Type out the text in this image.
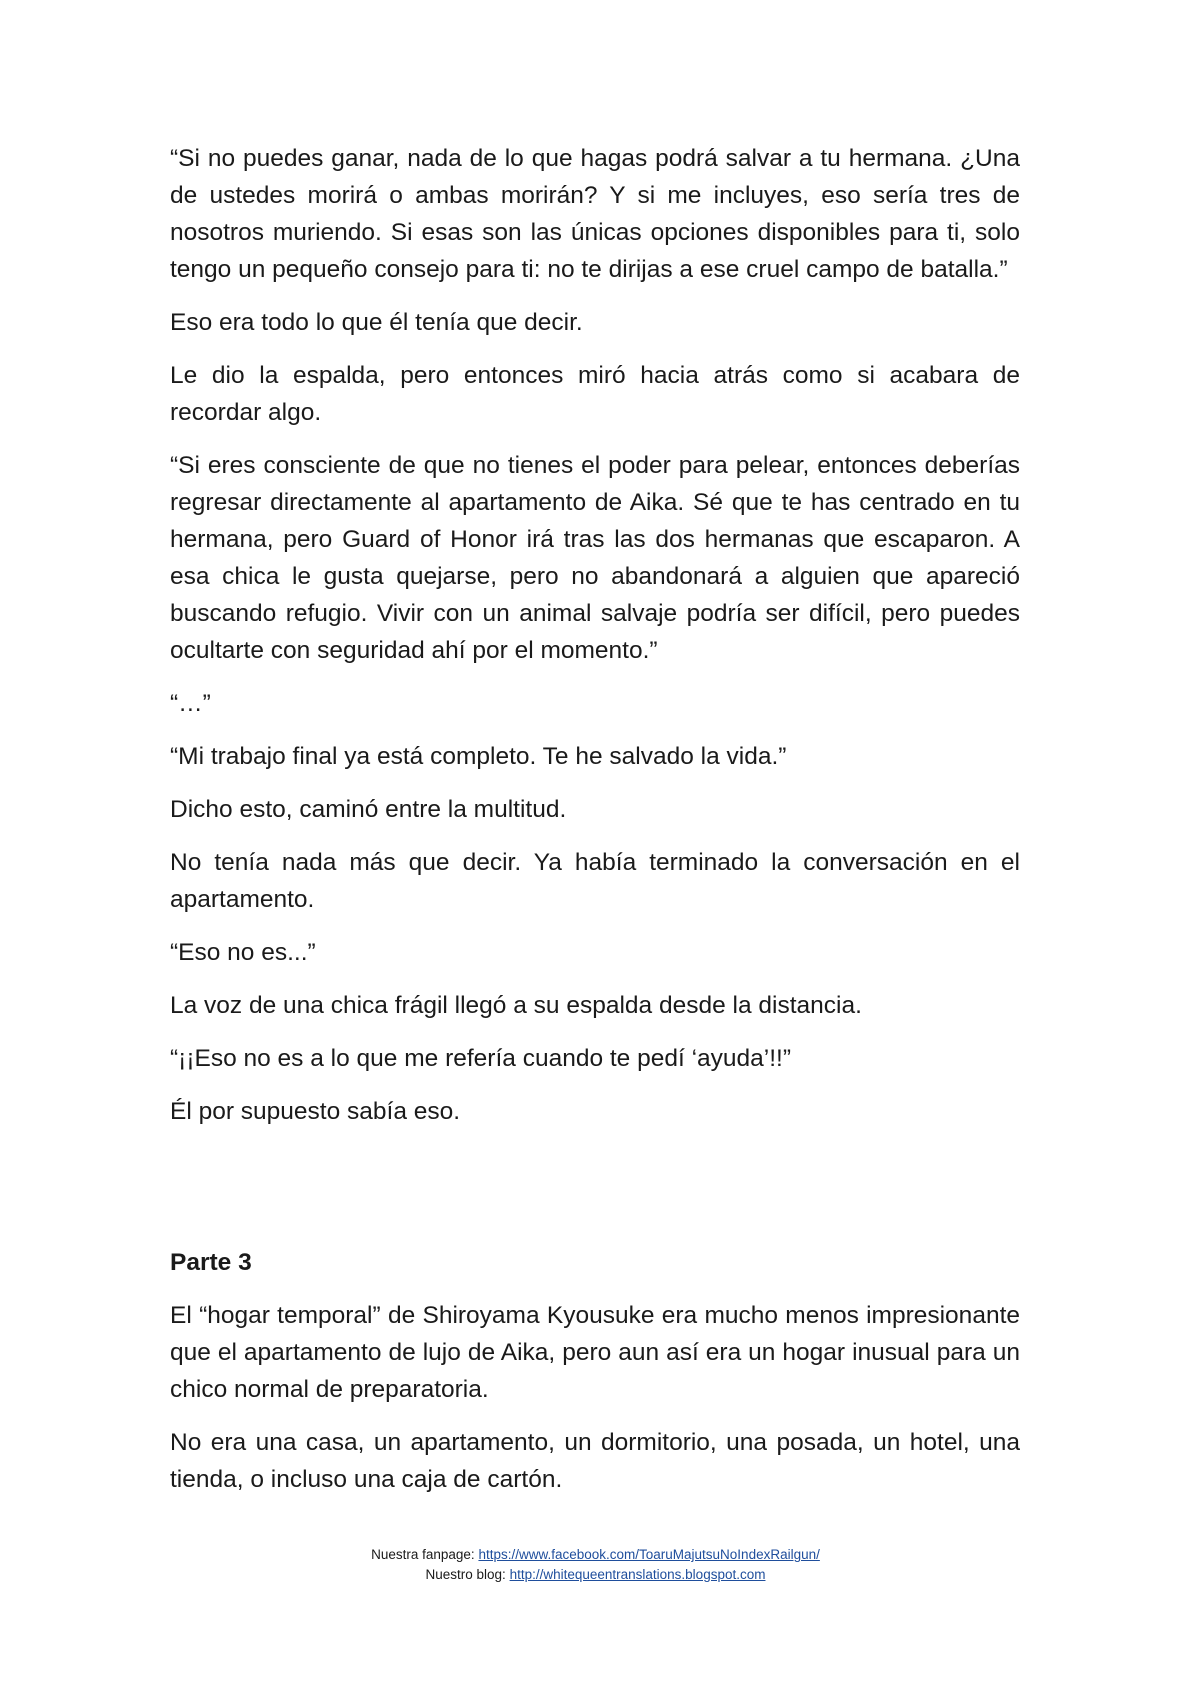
“Si no puedes ganar, nada de lo que hagas podrá salvar a tu hermana. ¿Una de ustedes morirá o ambas morirán? Y si me incluyes, eso sería tres de nosotros muriendo. Si esas son las únicas opciones disponibles para ti, solo tengo un pequeño consejo para ti: no te dirijas a ese cruel campo de batalla.”

Eso era todo lo que él tenía que decir.

Le dio la espalda, pero entonces miró hacia atrás como si acabara de recordar algo.

“Si eres consciente de que no tienes el poder para pelear, entonces deberías regresar directamente al apartamento de Aika. Sé que te has centrado en tu hermana, pero Guard of Honor irá tras las dos hermanas que escaparon. A esa chica le gusta quejarse, pero no abandonará a alguien que apareció buscando refugio. Vivir con un animal salvaje podría ser difícil, pero puedes ocultarte con seguridad ahí por el momento.”

“…”

“Mi trabajo final ya está completo. Te he salvado la vida.”

Dicho esto, caminó entre la multitud.

No tenía nada más que decir. Ya había terminado la conversación en el apartamento.

“Eso no es...”

La voz de una chica frágil llegó a su espalda desde la distancia.

“¡¡Eso no es a lo que me refería cuando te pedí ‘ayuda’!!”

Él por supuesto sabía eso.

Parte 3

El “hogar temporal” de Shiroyama Kyousuke era mucho menos impresionante que el apartamento de lujo de Aika, pero aun así era un hogar inusual para un chico normal de preparatoria.

No era una casa, un apartamento, un dormitorio, una posada, un hotel, una tienda, o incluso una caja de cartón.

Nuestra fanpage: https://www.facebook.com/ToaruMajutsuNoIndexRailgun/
Nuestro blog: http://whitequeentranslations.blogspot.com
